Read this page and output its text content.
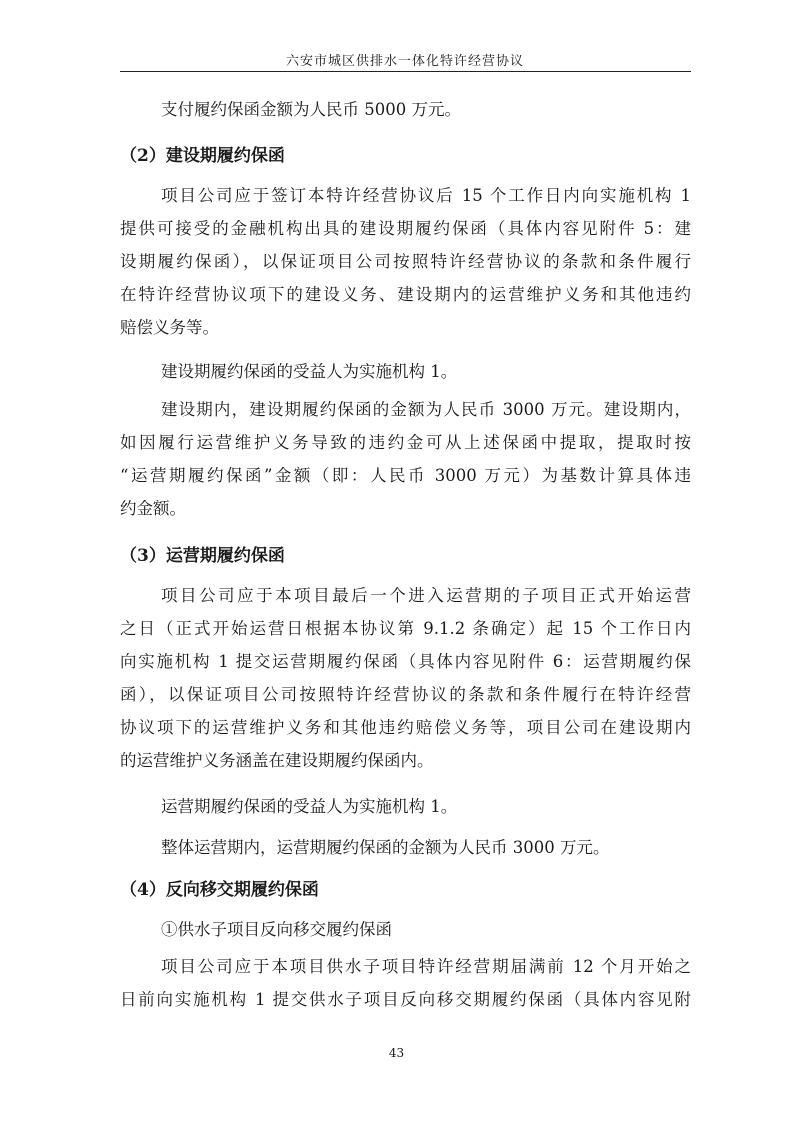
六安市城区供排水一体化特许经营协议
支付履约保函金额为人民币 5000 万元。
（2）建设期履约保函
项目公司应于签订本特许经营协议后 15 个工作日内向实施机构 1
提供可接受的金融机构出具的建设期履约保函（具体内容见附件 5：建
设期履约保函），以保证项目公司按照特许经营协议的条款和条件履行
在特许经营协议项下的建设义务、建设期内的运营维护义务和其他违约
赔偿义务等。
建设期履约保函的受益人为实施机构 1。
建设期内，建设期履约保函的金额为人民币 3000 万元。建设期内，
如因履行运营维护义务导致的违约金可从上述保函中提取，提取时按
“运营期履约保函”金额（即：人民币 3000 万元）为基数计算具体违
约金额。
（3）运营期履约保函
项目公司应于本项目最后一个进入运营期的子项目正式开始运营
之日（正式开始运营日根据本协议第 9.1.2 条确定）起 15 个工作日内
向实施机构 1 提交运营期履约保函（具体内容见附件 6：运营期履约保
函），以保证项目公司按照特许经营协议的条款和条件履行在特许经营
协议项下的运营维护义务和其他违约赔偿义务等，项目公司在建设期内
的运营维护义务涵盖在建设期履约保函内。
运营期履约保函的受益人为实施机构 1。
整体运营期内，运营期履约保函的金额为人民币 3000 万元。
（4）反向移交期履约保函
①供水子项目反向移交履约保函
项目公司应于本项目供水子项目特许经营期届满前 12 个月开始之
日前向实施机构 1 提交供水子项目反向移交期履约保函（具体内容见附
43
